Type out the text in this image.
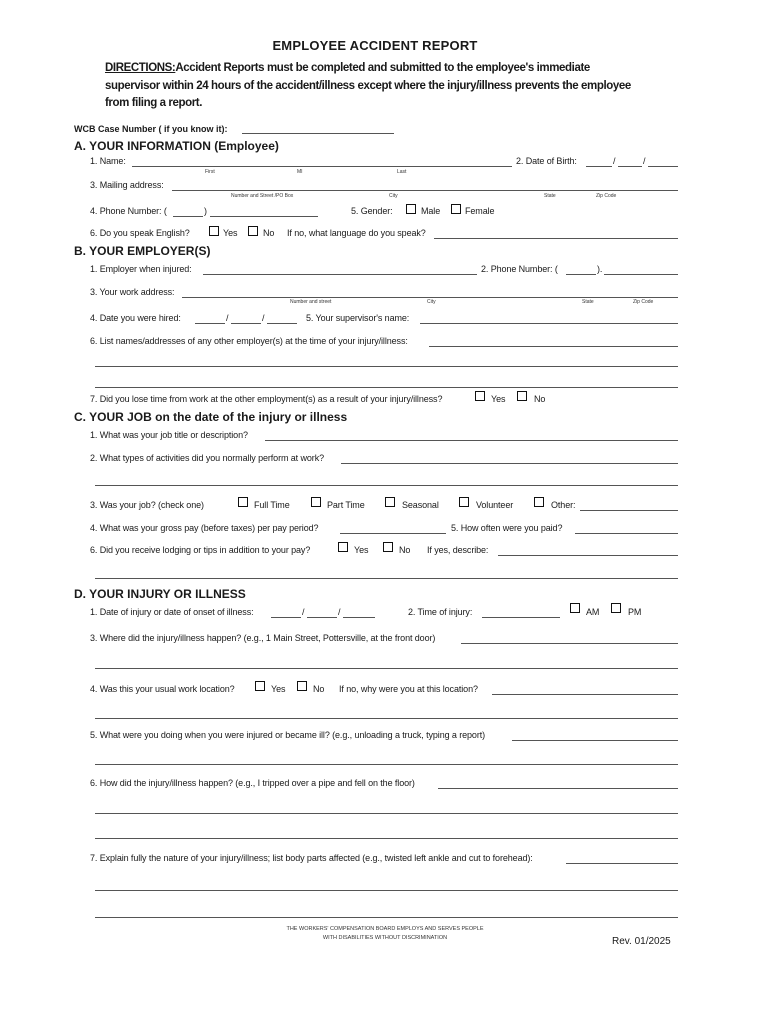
EMPLOYEE ACCIDENT REPORT
DIRECTIONS:Accident Reports must be completed and submitted to the employee's immediate
supervisor within 24 hours of the accident/illness except where the injury/illness prevents the employee
from filing a report.
WCB Case Number ( if you know it):
A. YOUR INFORMATION (Employee)
1. Name:
First	MI	Last
2. Date of Birth:	/	/
3. Mailing address:
Number and Street /PO Box	City	State	Zip Code
4. Phone Number: (	)	5. Gender:	Male	Female
6. Do you speak English?	Yes	No If no, what language do you speak?
B. YOUR EMPLOYER(S)
1. Employer when injured:	2. Phone Number: (	).
3. Your work address:
Number and street	City	State	Zip Code
4. Date you were hired:	/	/	5. Your supervisor's name:
6. List names/addresses of any other employer(s) at the time of your injury/illness:
7. Did you lose time from work at the other employment(s) as a result of your injury/illness?	Yes	No
C. YOUR JOB on the date of the injury or illness
1. What was your job title or description?
2. What types of activities did you normally perform at work?
3. Was your job? (check one)	Full Time	Part Time	Seasonal	Volunteer	Other:
4. What was your gross pay (before taxes) per pay period?	5. How often were you paid?
6. Did you receive lodging or tips in addition to your pay?	Yes	No If yes, describe:
D. YOUR INJURY OR ILLNESS
1. Date of injury or date of onset of illness:	/	/	2. Time of injury:	AM	PM
3. Where did the injury/illness happen? (e.g., 1 Main Street, Pottersville, at the front door)
4. Was this your usual work location?	Yes	No If no, why were you at this location?
5. What were you doing when you were injured or became ill? (e.g., unloading a truck, typing a report)
6. How did the injury/illness happen? (e.g., I tripped over a pipe and fell on the floor)
7. Explain fully the nature of your injury/illness; list body parts affected (e.g., twisted left ankle and cut to forehead):
THE WORKERS' COMPENSATION BOARD EMPLOYS AND SERVES PEOPLE
WITH DISABILITIES WITHOUT DISCRIMINATION	Rev. 01/2025
